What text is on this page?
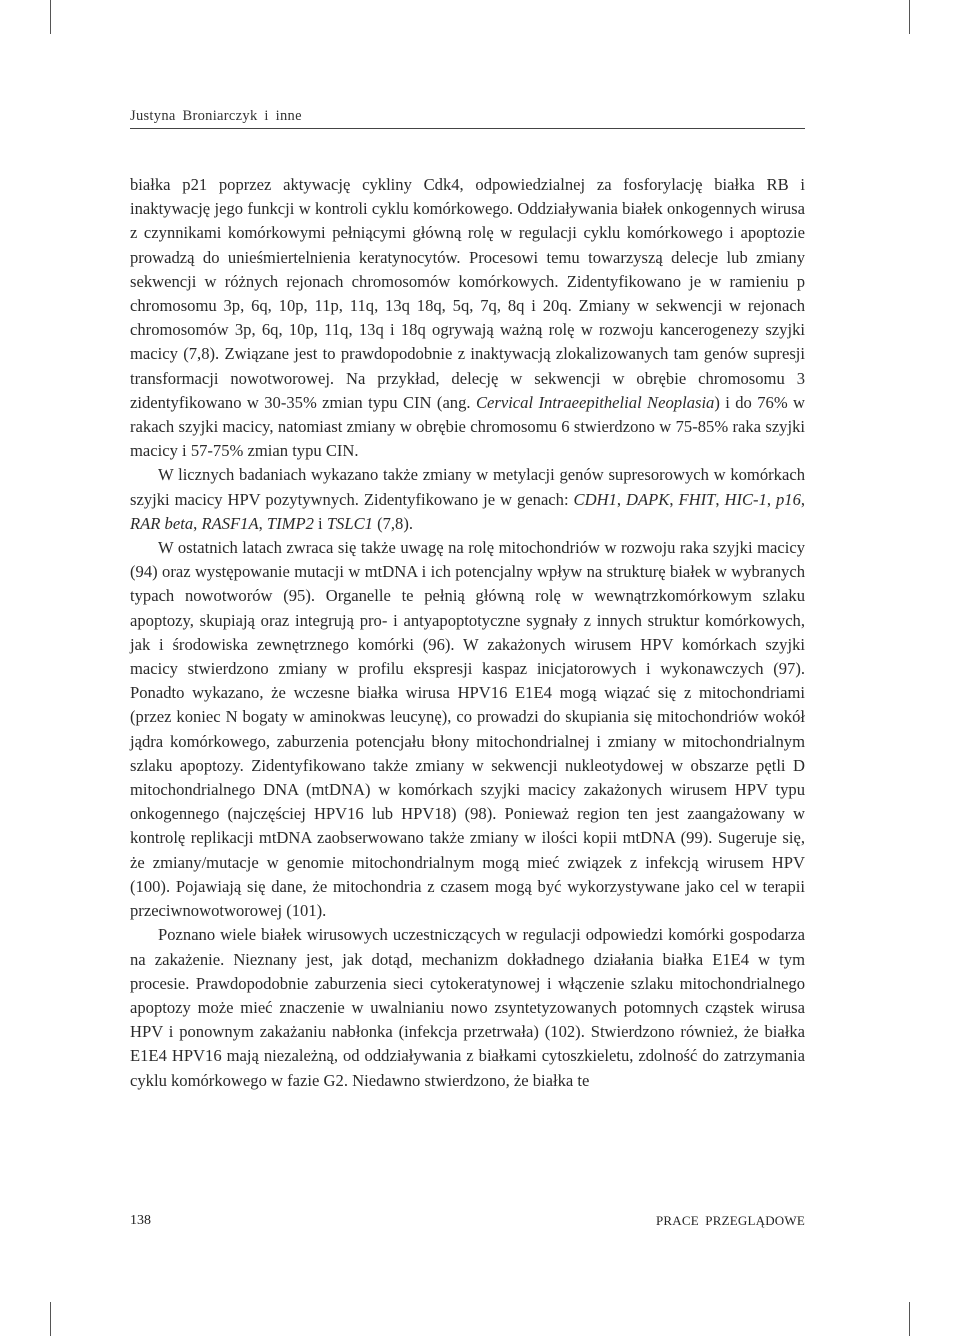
Justyna Broniarczyk i inne

białka p21 poprzez aktywację cykliny Cdk4, odpowiedzialnej za fosforylację białka RB i inaktywację jego funkcji w kontroli cyklu komórkowego. Oddziaływania białek onkogennych wirusa z czynnikami komórkowymi pełniącymi główną rolę w regulacji cyklu komórkowego i apoptozie prowadzą do unieśmiertelnienia keratynocytów. Procesowi temu towarzyszą delecje lub zmiany sekwencji w różnych rejonach chromosomów komórkowych. Zidentyfikowano je w ramieniu p chromosomu 3p, 6q, 10p, 11p, 11q, 13q 18q, 5q, 7q, 8q i 20q. Zmiany w sekwencji w rejonach chromosomów 3p, 6q, 10p, 11q, 13q i 18q ogrywają ważną rolę w rozwoju kancerogenezy szyjki macicy (7,8). Związane jest to prawdopodobnie z inaktywacją zlokalizowanych tam genów supresji transformacji nowotworowej. Na przykład, delecję w sekwencji w obrębie chromosomu 3 zidentyfikowano w 30-35% zmian typu CIN (ang. Cervical Intraeepithelial Neoplasia) i do 76% w rakach szyjki macicy, natomiast zmiany w obrębie chromosomu 6 stwierdzono w 75-85% raka szyjki macicy i 57-75% zmian typu CIN.

W licznych badaniach wykazano także zmiany w metylacji genów supresorowych w komórkach szyjki macicy HPV pozytywnych. Zidentyfikowano je w genach: CDH1, DAPK, FHIT, HIC-1, p16, RAR beta, RASF1A, TIMP2 i TSLC1 (7,8).

W ostatnich latach zwraca się także uwagę na rolę mitochondriów w rozwoju raka szyjki macicy (94) oraz występowanie mutacji w mtDNA i ich potencjalny wpływ na strukturę białek w wybranych typach nowotworów (95). Organelle te pełnią główną rolę w wewnątrzkomórkowym szlaku apoptozy, skupiają oraz integrują pro- i antyapoptotyczne sygnały z innych struktur komórkowych, jak i środowiska zewnętrznego komórki (96). W zakażonych wirusem HPV komórkach szyjki macicy stwierdzono zmiany w profilu ekspresji kaspaz inicjatorowych i wykonawczych (97). Ponadto wykazano, że wczesne białka wirusa HPV16 E1E4 mogą wiązać się z mitochondriami (przez koniec N bogaty w aminokwas leucynę), co prowadzi do skupiania się mitochondriów wokół jądra komórkowego, zaburzenia potencjału błony mitochondrialnej i zmiany w mitochondrialnym szlaku apoptozy. Zidentyfikowano także zmiany w sekwencji nukleotydowej w obszarze pętli D mitochondrialnego DNA (mtDNA) w komórkach szyjki macicy zakażonych wirusem HPV typu onkogennego (najczęściej HPV16 lub HPV18) (98). Ponieważ region ten jest zaangażowany w kontrolę replikacji mtDNA zaobserwowano także zmiany w ilości kopii mtDNA (99). Sugeruje się, że zmiany/mutacje w genomie mitochondrialnym mogą mieć związek z infekcją wirusem HPV (100). Pojawiają się dane, że mitochondria z czasem mogą być wykorzystywane jako cel w terapii przeciwnowotworowej (101).

Poznano wiele białek wirusowych uczestniczących w regulacji odpowiedzi komórki gospodarza na zakażenie. Nieznany jest, jak dotąd, mechanizm dokładnego działania białka E1E4 w tym procesie. Prawdopodobnie zaburzenia sieci cytokeratynowej i włączenie szlaku mitochondrialnego apoptozy może mieć znaczenie w uwalnianiu nowo zsyntetyzowanych potomnych cząstek wirusa HPV i ponownym zakażaniu nabłonka (infekcja przetrwała) (102). Stwierdzono również, że białka E1E4 HPV16 mają niezależną, od oddziaływania z białkami cytoszkieletu, zdolność do zatrzymania cyklu komórkowego w fazie G2. Niedawno stwierdzono, że białka te

138	PRACE PRZEGLĄDOWE
